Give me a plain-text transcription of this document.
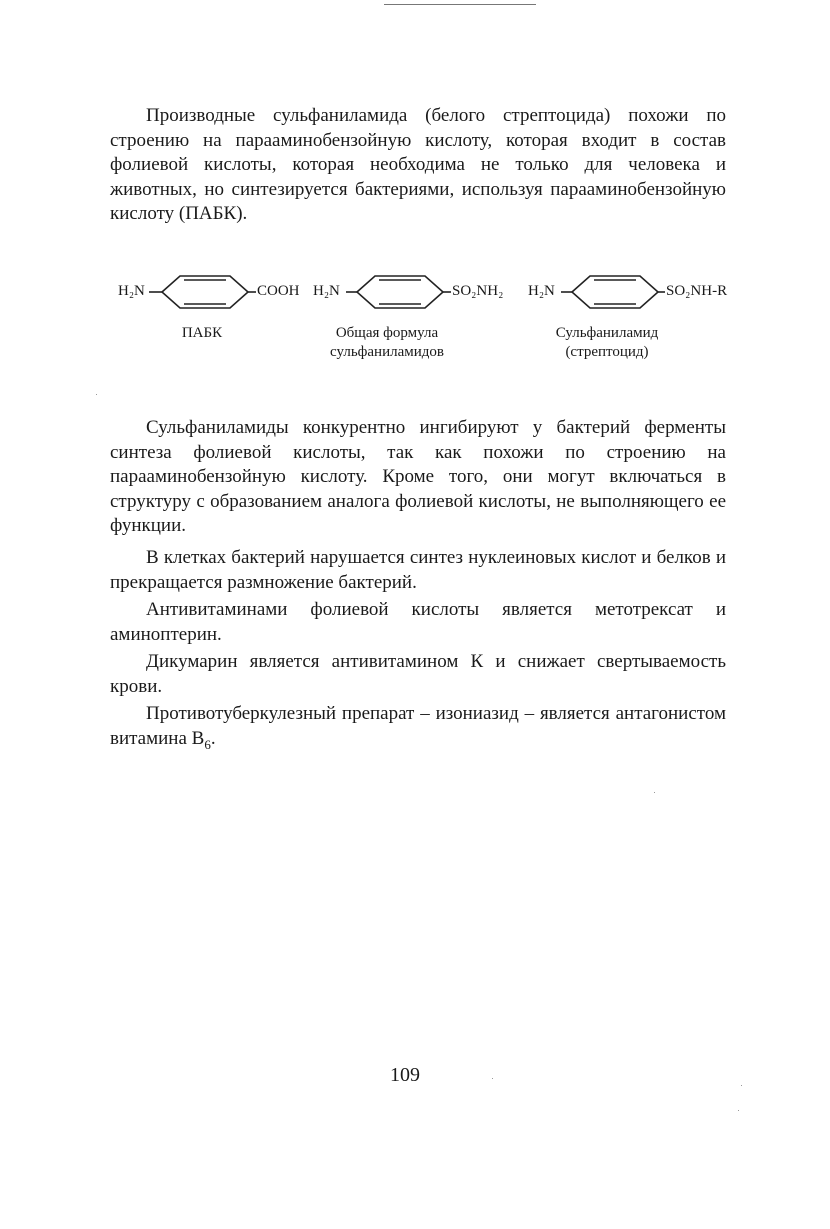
Производные сульфаниламида (белого стрептоцида) похожи по строению на парааминобензойную кислоту, которая входит в состав фолиевой кислоты, которая необходима не только для человека и животных, но синтезируется бактериями, используя парааминобензойную кислоту (ПАБК).

H₂N	COOH H₂N	SO₂NH₂ H₂N	SO₂NH-R
ПАБК	Общая формула
сульфаниламидов
Сульфаниламид
(стрептоцид)

Сульфаниламиды конкурентно ингибируют у бактерий ферменты синтеза фолиевой кислоты, так как похожи по строению на парааминобензойную кислоту. Кроме того, они могут включаться в структуру с образованием аналога фолиевой кислоты, не выполняющего ее функции.

В клетках бактерий нарушается синтез нуклеиновых кислот и белков и прекращается размножение бактерий.

Антивитаминами фолиевой кислоты является метотрексат и аминоптерин.

Дикумарин является антивитамином К и снижает свертываемость крови.

Противотуберкулезный препарат – изониазид – является антагонистом витамина $B_6$.

109
